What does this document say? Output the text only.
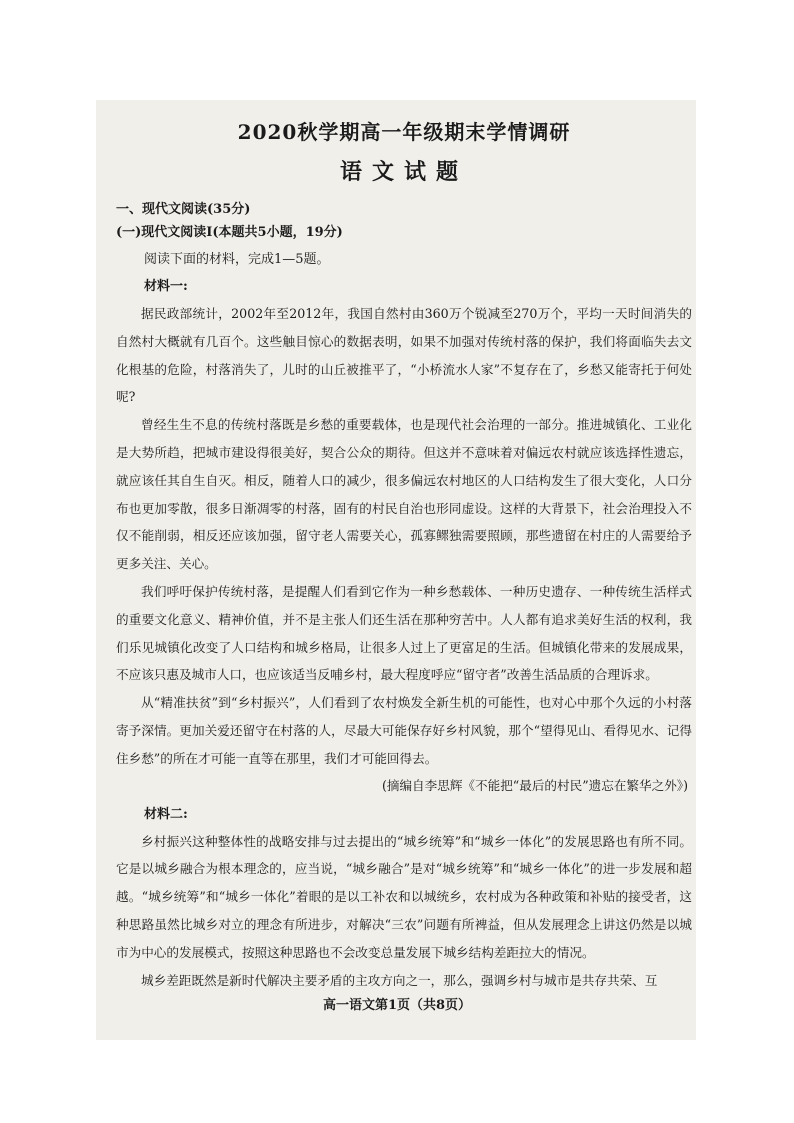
2020秋学期高一年级期末学情调研
语文试题
一、现代文阅读(35分)
(一)现代文阅读I(本题共5小题，19分)
阅读下面的材料，完成1—5题。
材料一:

据民政部统计，2002年至2012年，我国自然村由360万个锐减至270万个，平均一天时间消失的自然村大概就有几百个。这些触目惊心的数据表明，如果不加强对传统村落的保护，我们将面临失去文化根基的危险，村落消失了，儿时的山丘被推平了，“小桥流水人家”不复存在了，乡愁又能寄托于何处呢?

曾经生生不息的传统村落既是乡愁的重要载体，也是现代社会治理的一部分。推进城镇化、工业化是大势所趋，把城市建设得很美好，契合公众的期待。但这并不意味着对偏远农村就应该选择性遗忘，就应该任其自生自灭。相反，随着人口的减少，很多偏远农村地区的人口结构发生了很大变化，人口分布也更加零散，很多日渐凋零的村落，固有的村民自治也形同虚设。这样的大背景下，社会治理投入不仅不能削弱，相反还应该加强，留守老人需要关心，孤寡鳏独需要照顾，那些遗留在村庄的人需要给予更多关注、关心。

我们呼吁保护传统村落，是提醒人们看到它作为一种乡愁载体、一种历史遗存、一种传统生活样式的重要文化意义、精神价值，并不是主张人们还生活在那种穷苦中。人人都有追求美好生活的权利，我们乐见城镇化改变了人口结构和城乡格局，让很多人过上了更富足的生活。但城镇化带来的发展成果，不应该只惠及城市人口，也应该适当反哺乡村，最大程度呼应“留守者”改善生活品质的合理诉求。

从“精准扶贫”到“乡村振兴”，人们看到了农村焕发全新生机的可能性，也对心中那个久远的小村落寄予深情。更加关爱还留守在村落的人，尽最大可能保存好乡村风貌，那个“望得见山、看得见水、记得住乡愁”的所在才可能一直等在那里，我们才可能回得去。

(摘编自李思辉《不能把“最后的村民”遗忘在繁华之外》)
材料二:

乡村振兴这种整体性的战略安排与过去提出的“城乡统筹”和“城乡一体化”的发展思路也有所不同。它是以城乡融合为根本理念的，应当说，“城乡融合”是对“城乡统筹”和“城乡一体化”的进一步发展和超越。“城乡统筹”和“城乡一体化”着眼的是以工补农和以城统乡，农村成为各种政策和补贴的接受者，这种思路虽然比城乡对立的理念有所进步，对解决“三农”问题有所裨益，但从发展理念上讲这仍然是以城市为中心的发展模式，按照这种思路也不会改变总量发展下城乡结构差距拉大的情况。

城乡差距既然是新时代解决主要矛盾的主攻方向之一，那么，强调乡村与城市是共存共荣、互

高一语文第1页（共8页）
